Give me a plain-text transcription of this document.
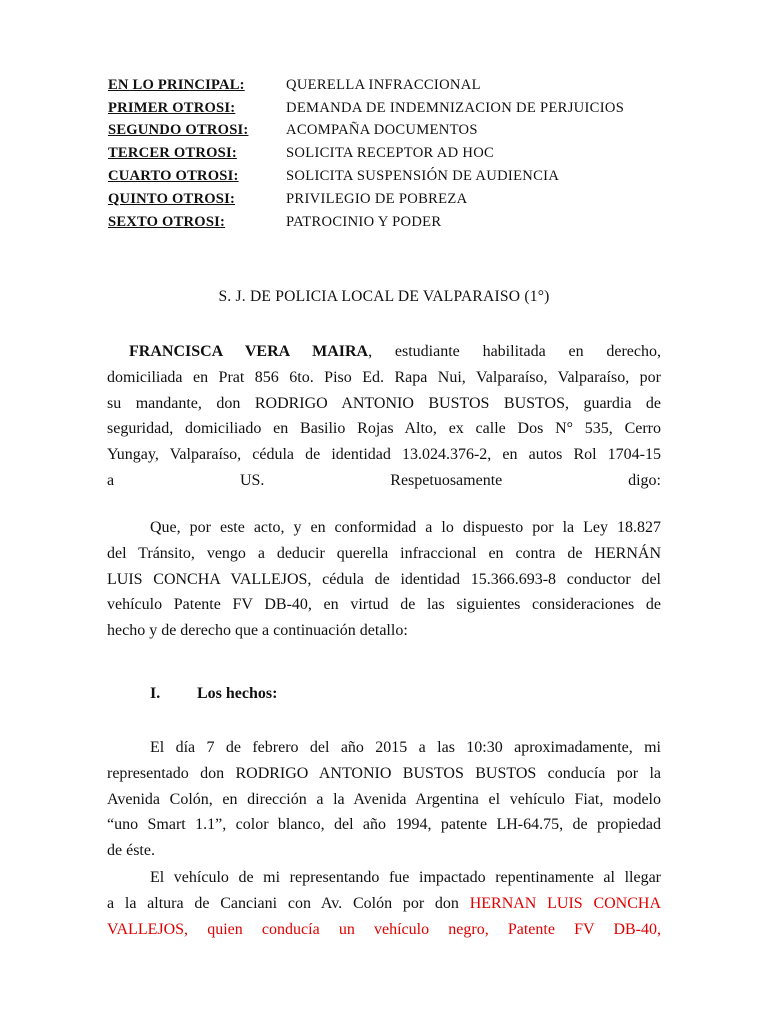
EN LO PRINCIPAL:	QUERELLA INFRACCIONAL
PRIMER OTROSI:	DEMANDA DE INDEMNIZACION DE PERJUICIOS
SEGUNDO OTROSI:	ACOMPAÑA DOCUMENTOS
TERCER OTROSI:	SOLICITA RECEPTOR AD HOC
CUARTO OTROSI:	SOLICITA SUSPENSIÓN DE AUDIENCIA
QUINTO OTROSI:	PRIVILEGIO DE POBREZA
SEXTO OTROSI:	PATROCINIO Y PODER
S. J. DE POLICIA LOCAL DE VALPARAISO (1°)
FRANCISCA VERA MAIRA, estudiante habilitada en derecho,
domiciliada en Prat 856 6to. Piso Ed. Rapa Nui, Valparaíso, Valparaíso, por
su mandante, don RODRIGO ANTONIO BUSTOS BUSTOS, guardia de
seguridad, domiciliado en Basilio Rojas Alto, ex calle Dos N° 535, Cerro
Yungay, Valparaíso, cédula de identidad 13.024.376-2, en autos Rol 1704-15
a US. Respetuosamente digo:
Que, por este acto, y en conformidad a lo dispuesto por la Ley 18.827
del Tránsito, vengo a deducir querella infraccional en contra de HERNÁN
LUIS CONCHA VALLEJOS, cédula de identidad 15.366.693-8 conductor del
vehículo Patente FV DB-40, en virtud de las siguientes consideraciones de
hecho y de derecho que a continuación detallo:
I. Los hechos:
El día 7 de febrero del año 2015 a las 10:30 aproximadamente, mi
representado don RODRIGO ANTONIO BUSTOS BUSTOS conducía por la
Avenida Colón, en dirección a la Avenida Argentina el vehículo Fiat, modelo
“uno Smart 1.1”, color blanco, del año 1994, patente LH-64.75, de propiedad
de éste.
El vehículo de mi representando fue impactado repentinamente al llegar
a la altura de Canciani con Av. Colón por don HERNAN LUIS CONCHA
VALLEJOS, quien conducía un vehículo negro, Patente FV DB-40,
